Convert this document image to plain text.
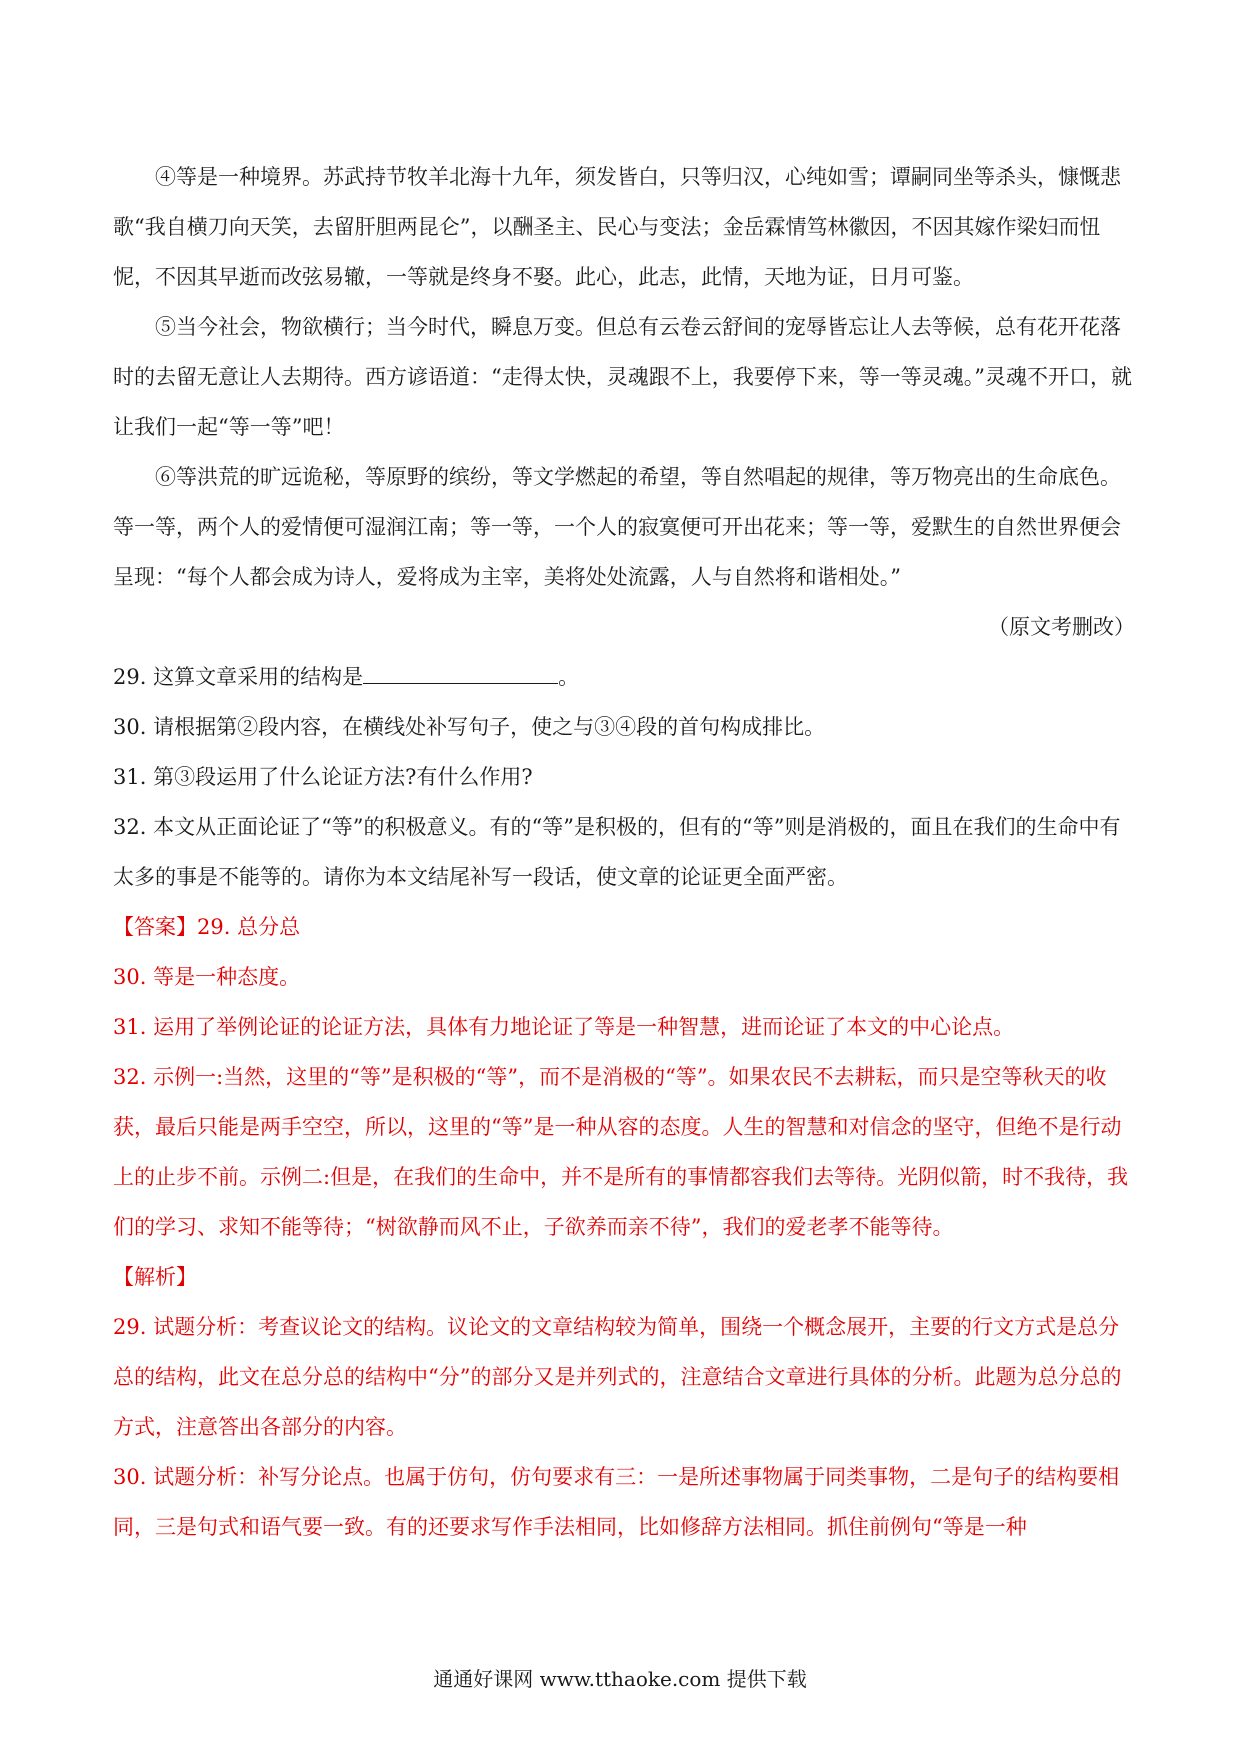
④等是一种境界。苏武持节牧羊北海十九年，须发皆白，只等归汉，心纯如雪；谭嗣同坐等杀头，慷慨悲歌“我自横刀向天笑，去留肝胆两昆仑”，以酬圣主、民心与变法；金岳霖情笃林徽因，不因其嫁作梁妇而忸怩，不因其早逝而改弦易辙，一等就是终身不娶。此心，此志，此情，天地为证，日月可鉴。

⑤当今社会，物欲横行；当今时代，瞬息万变。但总有云卷云舒间的宠辱皆忘让人去等候，总有花开花落时的去留无意让人去期待。西方谚语道：“走得太快，灵魂跟不上，我要停下来，等一等灵魂。”灵魂不开口，就让我们一起“等一等”吧！

⑥等洪荒的旷远诡秘，等原野的缤纷，等文学燃起的希望，等自然唱起的规律，等万物亮出的生命底色。等一等，两个人的爱情便可湿润江南；等一等，一个人的寂寞便可开出花来；等一等，爱默生的自然世界便会呈现：“每个人都会成为诗人，爱将成为主宰，美将处处流露，人与自然将和谐相处。”

（原文考删改）

29. 这算文章采用的结构是	。

30. 请根据第②段内容，在横线处补写句子，使之与③④段的首句构成排比。

31. 第③段运用了什么论证方法?有什么作用?

32. 本文从正面论证了“等”的积极意义。有的“等”是积极的，但有的“等”则是消极的，面且在我们的生命中有太多的事是不能等的。请你为本文结尾补写一段话，使文章的论证更全面严密。

【答案】29. 总分总

30. 等是一种态度。

31. 运用了举例论证的论证方法，具体有力地论证了等是一种智慧，进而论证了本文的中心论点。

32. 示例一:当然，这里的“等”是积极的“等”，而不是消极的“等”。如果农民不去耕耘，而只是空等秋天的收获，最后只能是两手空空，所以，这里的“等”是一种从容的态度。人生的智慧和对信念的坚守，但绝不是行动上的止步不前。示例二:但是，在我们的生命中，并不是所有的事情都容我们去等待。光阴似箭，时不我待，我们的学习、求知不能等待；“树欲静而风不止，子欲养而亲不待”，我们的爱老孝不能等待。

【解析】

29. 试题分析：考查议论文的结构。议论文的文章结构较为简单，围绕一个概念展开，主要的行文方式是总分总的结构，此文在总分总的结构中“分”的部分又是并列式的，注意结合文章进行具体的分析。此题为总分总的方式，注意答出各部分的内容。

30. 试题分析：补写分论点。也属于仿句，仿句要求有三：一是所述事物属于同类事物，二是句子的结构要相同，三是句式和语气要一致。有的还要求写作手法相同，比如修辞方法相同。抓住前例句“等是一种

通通好课网 www.tthaoke.com 提供下载
